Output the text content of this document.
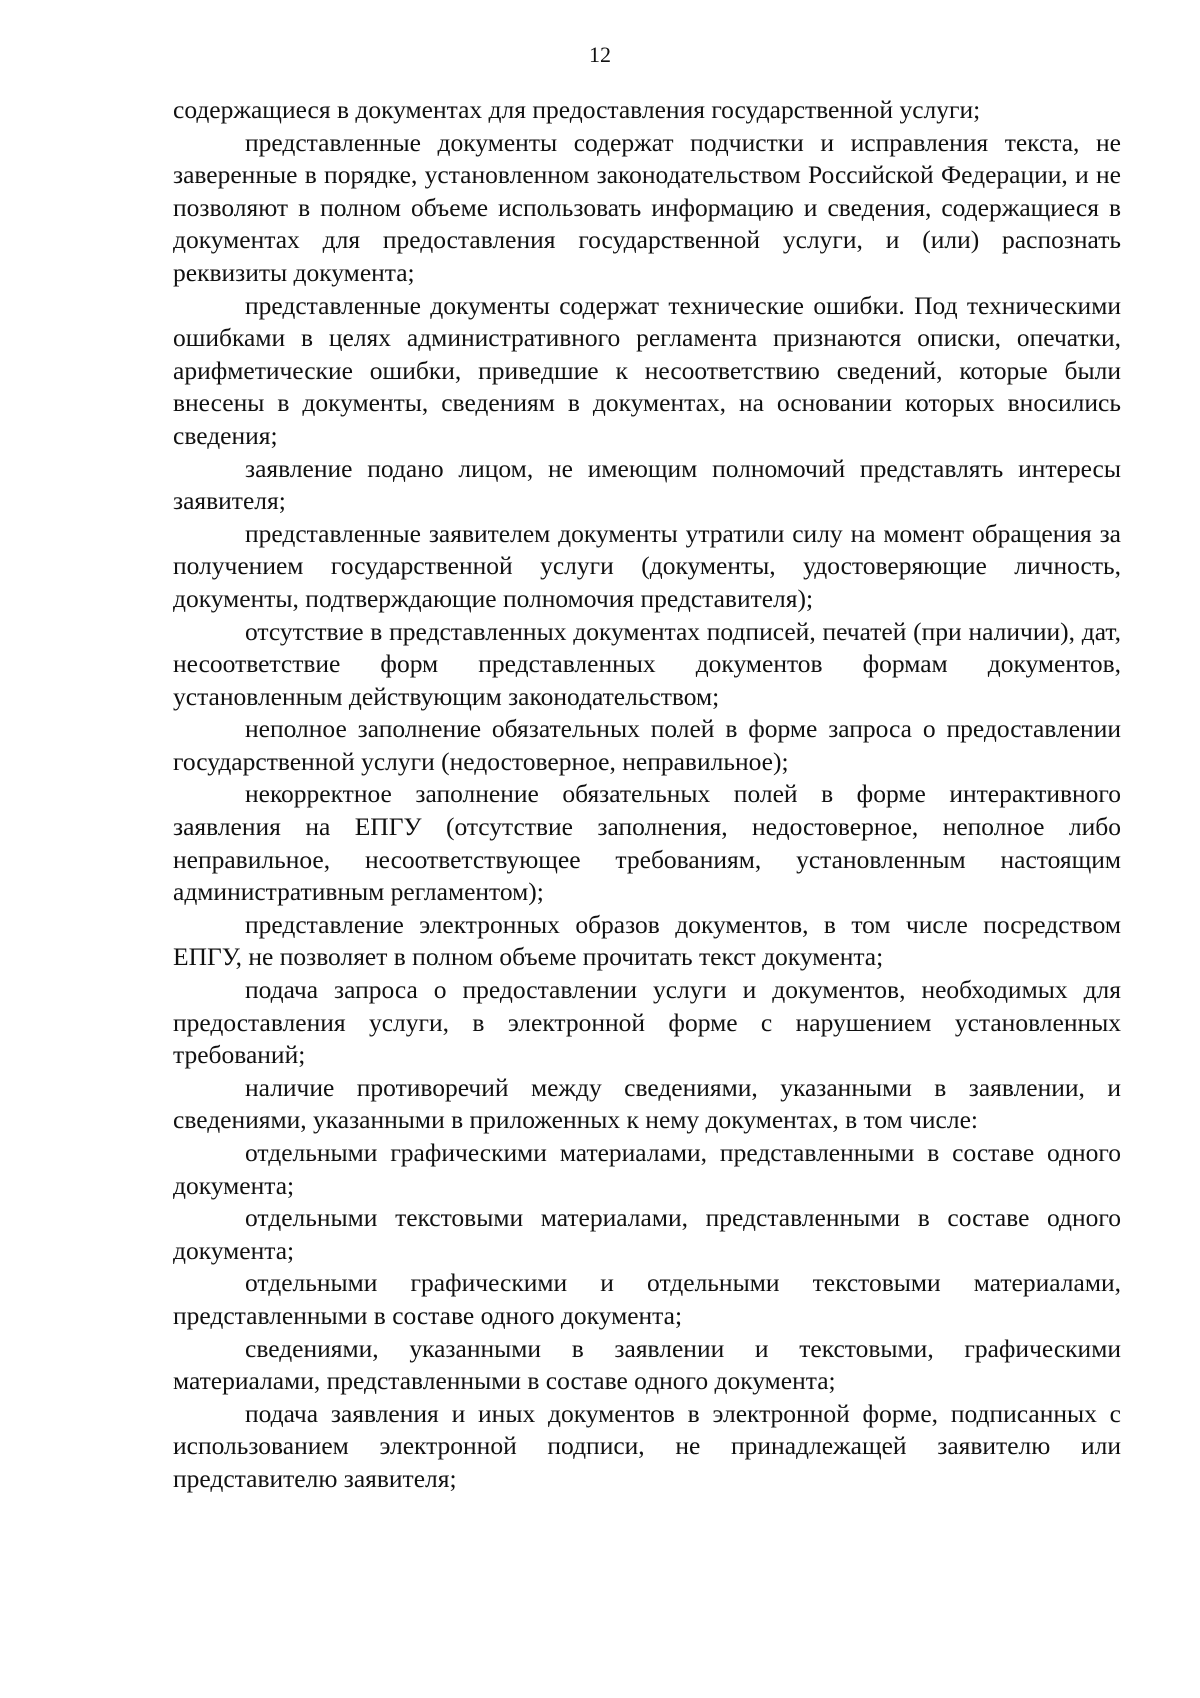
12

содержащиеся в документах для предоставления государственной услуги;

представленные документы содержат подчистки и исправления текста, не заверенные в порядке, установленном законодательством Российской Федерации, и не позволяют в полном объеме использовать информацию и сведения, содержащиеся в документах для предоставления государственной услуги, и (или) распознать реквизиты документа;

представленные документы содержат технические ошибки. Под техническими ошибками в целях административного регламента признаются описки, опечатки, арифметические ошибки, приведшие к несоответствию сведений, которые были внесены в документы, сведениям в документах, на основании которых вносились сведения;

заявление подано лицом, не имеющим полномочий представлять интересы заявителя;

представленные заявителем документы утратили силу на момент обращения за получением государственной услуги (документы, удостоверяющие личность, документы, подтверждающие полномочия представителя);

отсутствие в представленных документах подписей, печатей (при наличии), дат, несоответствие форм представленных документов формам документов, установленным действующим законодательством;

неполное заполнение обязательных полей в форме запроса о предоставлении государственной услуги (недостоверное, неправильное);

некорректное заполнение обязательных полей в форме интерактивного заявления на ЕПГУ (отсутствие заполнения, недостоверное, неполное либо неправильное, несоответствующее требованиям, установленным настоящим административным регламентом);

представление электронных образов документов, в том числе посредством ЕПГУ, не позволяет в полном объеме прочитать текст документа;

подача запроса о предоставлении услуги и документов, необходимых для предоставления услуги, в электронной форме с нарушением установленных требований;

наличие противоречий между сведениями, указанными в заявлении, и сведениями, указанными в приложенных к нему документах, в том числе:

отдельными графическими материалами, представленными в составе одного документа;

отдельными текстовыми материалами, представленными в составе одного документа;

отдельными графическими и отдельными текстовыми материалами, представленными в составе одного документа;

сведениями, указанными в заявлении и текстовыми, графическими материалами, представленными в составе одного документа;

подача заявления и иных документов в электронной форме, подписанных с использованием электронной подписи, не принадлежащей заявителю или представителю заявителя;
